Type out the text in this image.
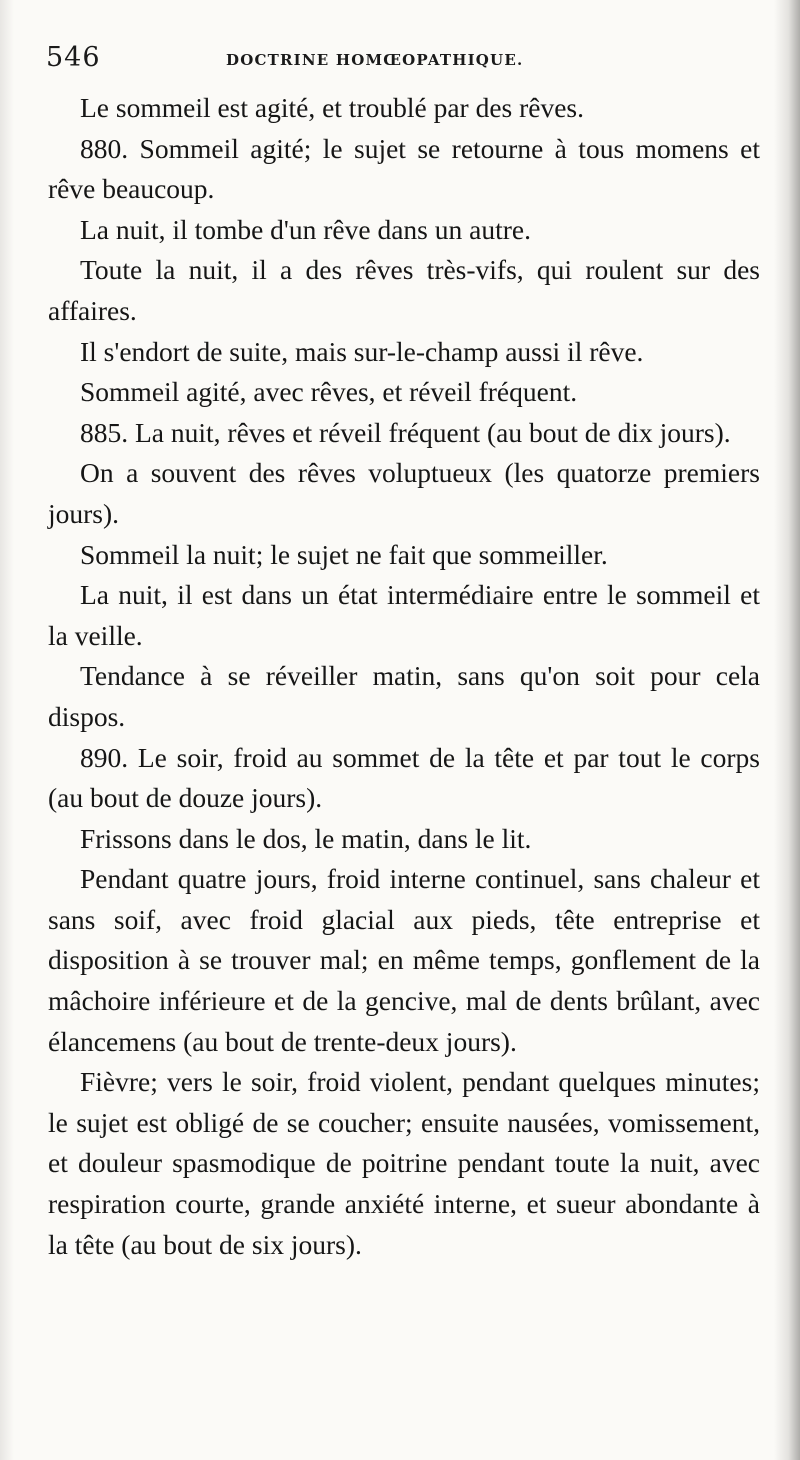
546	DOCTRINE HOMŒOPATHIQUE.

Le sommeil est agité, et troublé par des rêves.

880. Sommeil agité; le sujet se retourne à tous momens et rêve beaucoup.

La nuit, il tombe d'un rêve dans un autre.

Toute la nuit, il a des rêves très-vifs, qui roulent sur des affaires.

Il s'endort de suite, mais sur-le-champ aussi il rêve.

Sommeil agité, avec rêves, et réveil fréquent.

885. La nuit, rêves et réveil fréquent (au bout de dix jours).

On a souvent des rêves voluptueux (les quatorze premiers jours).

Sommeil la nuit; le sujet ne fait que sommeiller.

La nuit, il est dans un état intermédiaire entre le sommeil et la veille.

Tendance à se réveiller matin, sans qu'on soit pour cela dispos.

890. Le soir, froid au sommet de la tête et par tout le corps (au bout de douze jours).

Frissons dans le dos, le matin, dans le lit.

Pendant quatre jours, froid interne continuel, sans chaleur et sans soif, avec froid glacial aux pieds, tête entreprise et disposition à se trouver mal; en même temps, gonflement de la mâchoire inférieure et de la gencive, mal de dents brûlant, avec élancemens (au bout de trente-deux jours).

Fièvre; vers le soir, froid violent, pendant quelques minutes; le sujet est obligé de se coucher; ensuite nausées, vomissement, et douleur spasmodique de poitrine pendant toute la nuit, avec respiration courte, grande anxiété interne, et sueur abondante à la tête (au bout de six jours).
